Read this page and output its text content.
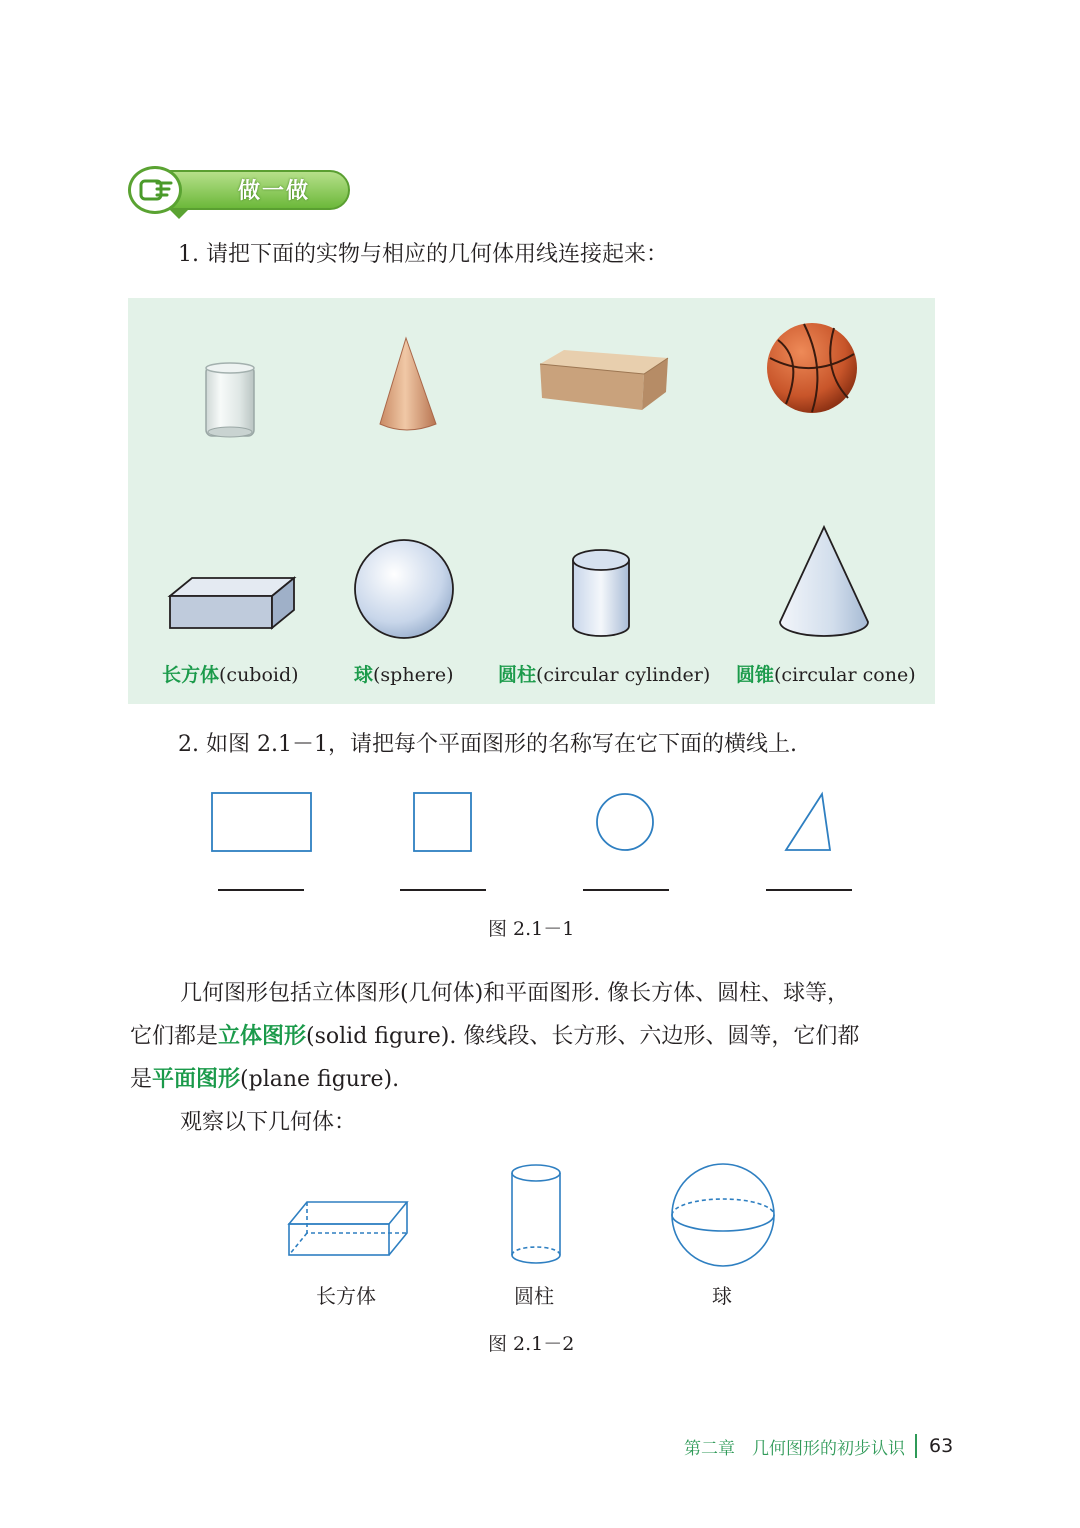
做一做
1. 请把下面的实物与相应的几何体用线连接起来：
长方体(cuboid)	球(sphere) 圆柱(circular cylinder) 圆锥(circular cone)
2. 如图 2.1－1，请把每个平面图形的名称写在它下面的横线上.
图 2.1－1

几何图形包括立体图形(几何体)和平面图形. 像长方体、圆柱、球等，

它们都是立体图形(solid figure). 像线段、长方形、六边形、圆等，它们都

是平面图形(plane figure).

观察以下几何体：

长方体	圆柱	球
图 2.1－2
第二章　几何图形的初步认识 63
